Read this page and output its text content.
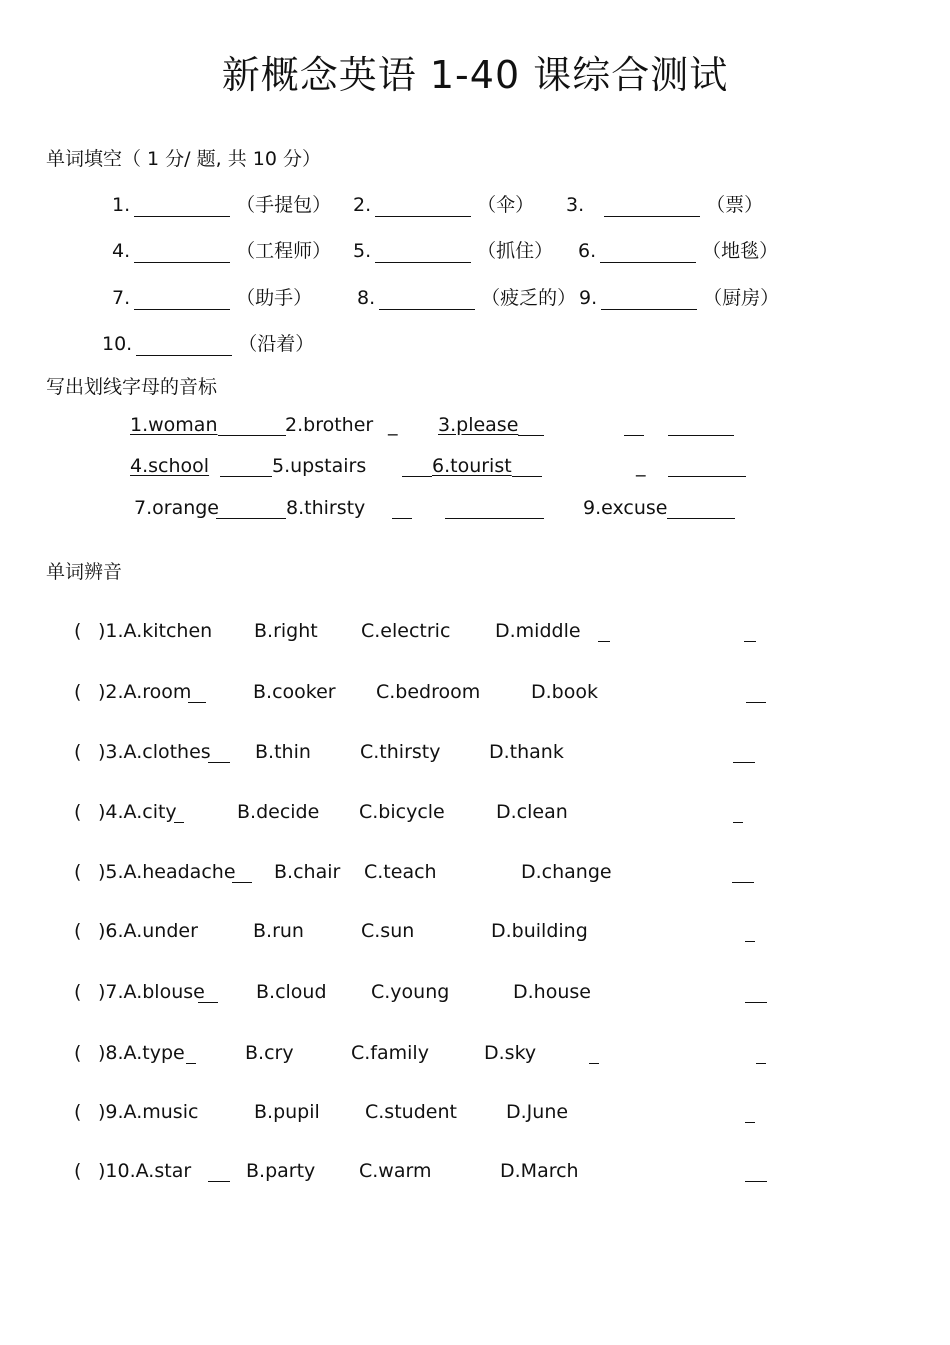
新概念英语 1-40 课综合测试
单词填空（ 1 分/ 题, 共 10 分）
1.	（手提包） 2.	（伞） 3.	（票）
4.	（工程师） 5.	（抓住） 6.	（地毯）
7.	（助手） 8.	（疲乏的） 9.	（厨房）
10.	（沿着）
写出划线字母的音标
1.woman	2.brother _ 3.please
4.school	5.upstairs	6.tourist	_
7.orange	8.thirsty	9.excuse
单词辨音
( )1.A.kitchen B.right C.electric D.middle
( )2.A.room	B.cooker C.bedroom	D.book
( )3.A.clothes B.thin	C.thirsty	D.thank
( )4.A.city	B.decide C.bicycle	D.clean
( )5.A.headache B.chair C.teach	D.change
( )6.A.under	B.run	C.sun	D.building
( )7.A.blouse	B.cloud C.young	D.house
( )8.A.type	B.cry	C.family	D.sky
( )9.A.music	B.pupil C.student	D.June
( )10.A.star	B.party C.warm	D.March
